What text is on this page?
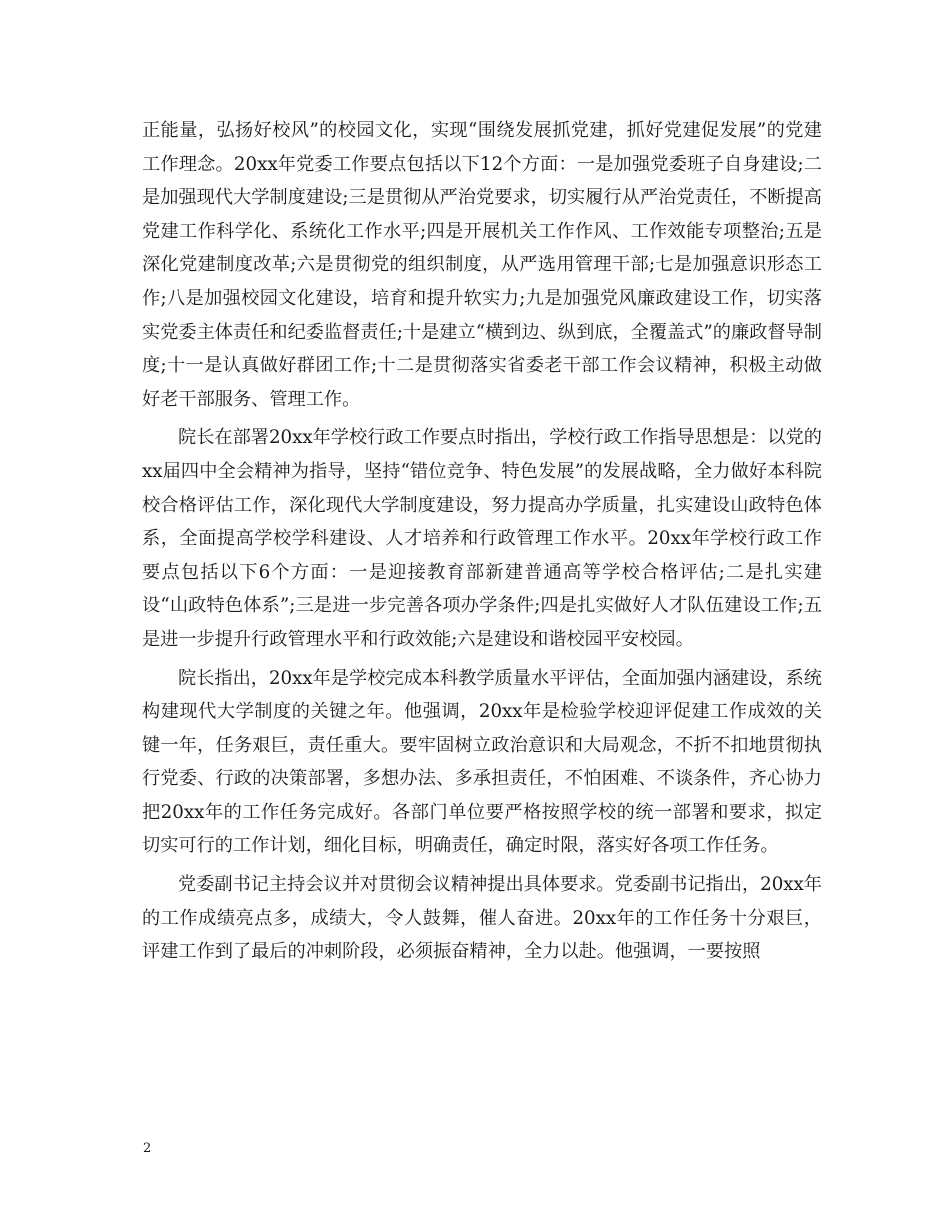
正能量，弘扬好校风”的校园文化，实现“围绕发展抓党建，抓好党建促发展”的党建工作理念。20xx年党委工作要点包括以下12个方面：一是加强党委班子自身建设;二是加强现代大学制度建设;三是贯彻从严治党要求，切实履行从严治党责任，不断提高党建工作科学化、系统化工作水平;四是开展机关工作作风、工作效能专项整治;五是深化党建制度改革;六是贯彻党的组织制度，从严选用管理干部;七是加强意识形态工作;八是加强校园文化建设，培育和提升软实力;九是加强党风廉政建设工作，切实落实党委主体责任和纪委监督责任;十是建立“横到边、纵到底，全覆盖式”的廉政督导制度;十一是认真做好群团工作;十二是贯彻落实省委老干部工作会议精神，积极主动做好老干部服务、管理工作。

院长在部署20xx年学校行政工作要点时指出，学校行政工作指导思想是：以党的xx届四中全会精神为指导，坚持“错位竞争、特色发展”的发展战略，全力做好本科院校合格评估工作，深化现代大学制度建设，努力提高办学质量，扎实建设山政特色体系，全面提高学校学科建设、人才培养和行政管理工作水平。20xx年学校行政工作要点包括以下6个方面：一是迎接教育部新建普通高等学校合格评估;二是扎实建设“山政特色体系”;三是进一步完善各项办学条件;四是扎实做好人才队伍建设工作;五是进一步提升行政管理水平和行政效能;六是建设和谐校园平安校园。

院长指出，20xx年是学校完成本科教学质量水平评估，全面加强内涵建设，系统构建现代大学制度的关键之年。他强调，20xx年是检验学校迎评促建工作成效的关键一年，任务艰巨，责任重大。要牢固树立政治意识和大局观念，不折不扣地贯彻执行党委、行政的决策部署，多想办法、多承担责任，不怕困难、不谈条件，齐心协力把20xx年的工作任务完成好。各部门单位要严格按照学校的统一部署和要求，拟定切实可行的工作计划，细化目标，明确责任，确定时限，落实好各项工作任务。

党委副书记主持会议并对贯彻会议精神提出具体要求。党委副书记指出，20xx年的工作成绩亮点多，成绩大，令人鼓舞，催人奋进。20xx年的工作任务十分艰巨，评建工作到了最后的冲刺阶段，必须振奋精神，全力以赴。他强调，一要按照

2
